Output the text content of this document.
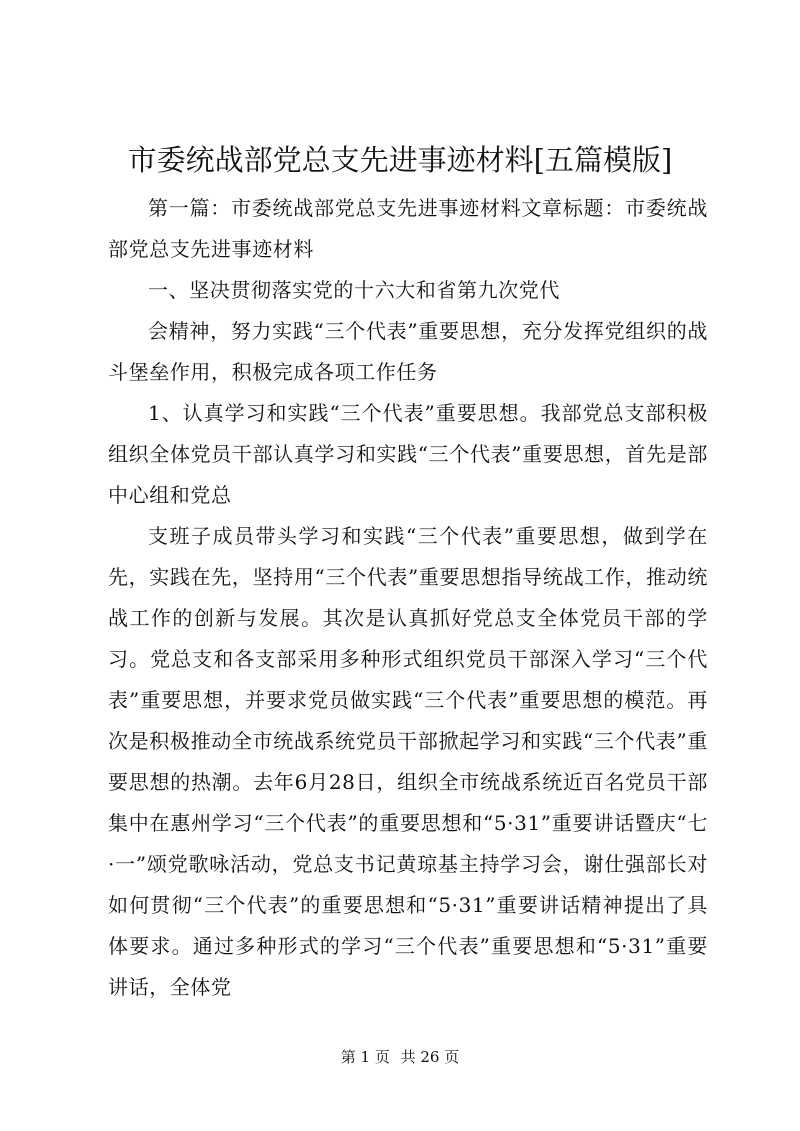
市委统战部党总支先进事迹材料[五篇模版]

第一篇：市委统战部党总支先进事迹材料文章标题：市委统战部党总支先进事迹材料

一、坚决贯彻落实党的十六大和省第九次党代

会精神，努力实践“三个代表”重要思想，充分发挥党组织的战斗堡垒作用，积极完成各项工作任务

1、认真学习和实践“三个代表”重要思想。我部党总支部积极组织全体党员干部认真学习和实践“三个代表”重要思想，首先是部中心组和党总

支班子成员带头学习和实践“三个代表”重要思想，做到学在先，实践在先，坚持用“三个代表”重要思想指导统战工作，推动统战工作的创新与发展。其次是认真抓好党总支全体党员干部的学习。党总支和各支部采用多种形式组织党员干部深入学习“三个代表”重要思想，并要求党员做实践“三个代表”重要思想的模范。再次是积极推动全市统战系统党员干部掀起学习和实践“三个代表”重要思想的热潮。去年6月28日，组织全市统战系统近百名党员干部集中在惠州学习“三个代表”的重要思想和“5·31”重要讲话暨庆“七·一”颂党歌咏活动，党总支书记黄琼基主持学习会，谢仕强部长对如何贯彻“三个代表”的重要思想和“5·31”重要讲话精神提出了具体要求。通过多种形式的学习“三个代表”重要思想和“5·31”重要讲话，全体党

第 1 页 共 26 页
